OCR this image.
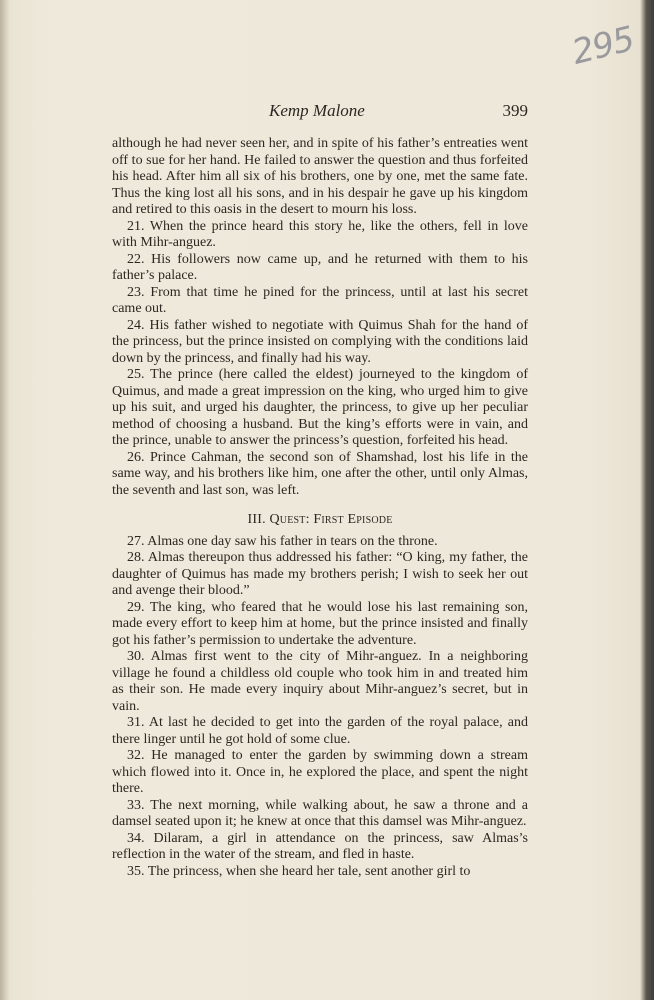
295
Kemp Malone	399

although he had never seen her, and in spite of his father’s entreaties went off to sue for her hand. He failed to answer the question and thus forfeited his head. After him all six of his brothers, one by one, met the same fate. Thus the king lost all his sons, and in his despair he gave up his kingdom and retired to this oasis in the desert to mourn his loss.

21. When the prince heard this story he, like the others, fell in love with Mihr-anguez.

22. His followers now came up, and he returned with them to his father’s palace.

23. From that time he pined for the princess, until at last his secret came out.

24. His father wished to negotiate with Quimus Shah for the hand of the princess, but the prince insisted on complying with the conditions laid down by the princess, and finally had his way.

25. The prince (here called the eldest) journeyed to the kingdom of Quimus, and made a great impression on the king, who urged him to give up his suit, and urged his daughter, the princess, to give up her peculiar method of choosing a husband. But the king’s efforts were in vain, and the prince, unable to answer the princess’s question, forfeited his head.

26. Prince Cahman, the second son of Shamshad, lost his life in the same way, and his brothers like him, one after the other, until only Almas, the seventh and last son, was left.

III. Quest: First Episode

27. Almas one day saw his father in tears on the throne.

28. Almas thereupon thus addressed his father: “O king, my father, the daughter of Quimus has made my brothers perish; I wish to seek her out and avenge their blood.”

29. The king, who feared that he would lose his last remaining son, made every effort to keep him at home, but the prince insisted and finally got his father’s permission to undertake the adventure.

30. Almas first went to the city of Mihr-anguez. In a neighboring village he found a childless old couple who took him in and treated him as their son. He made every inquiry about Mihr-anguez’s secret, but in vain.

31. At last he decided to get into the garden of the royal palace, and there linger until he got hold of some clue.

32. He managed to enter the garden by swimming down a stream which flowed into it. Once in, he explored the place, and spent the night there.

33. The next morning, while walking about, he saw a throne and a damsel seated upon it; he knew at once that this damsel was Mihr-anguez.

34. Dilaram, a girl in attendance on the princess, saw Almas’s reflection in the water of the stream, and fled in haste.

35. The princess, when she heard her tale, sent another girl to
